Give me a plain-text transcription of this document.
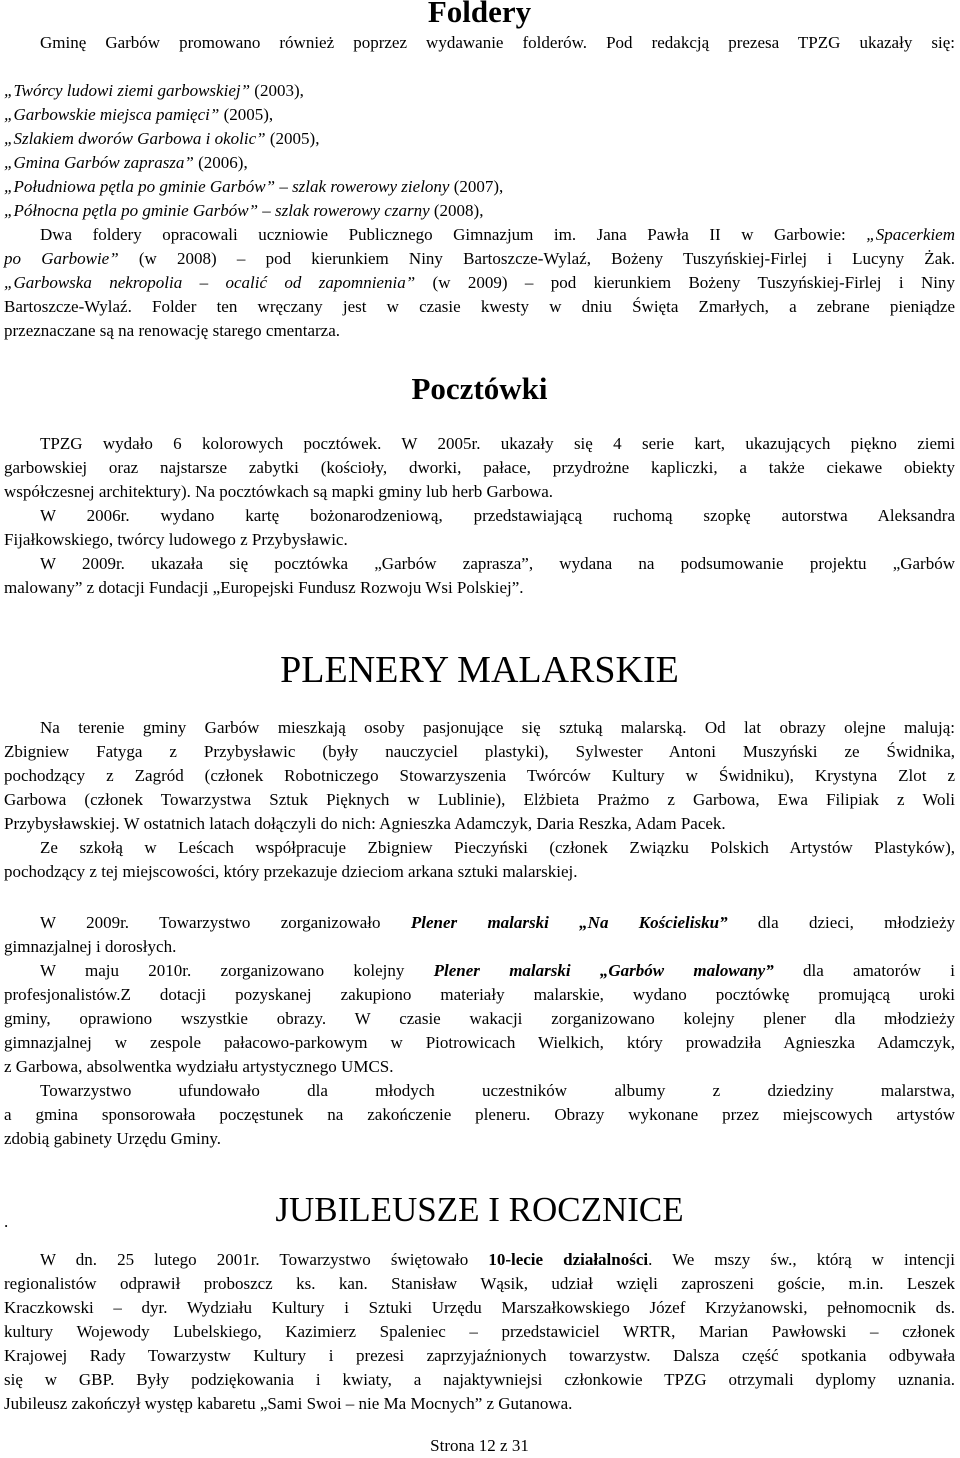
Foldery
Gminę Garbów promowano również poprzez wydawanie folderów. Pod redakcją prezesa TPZG ukazały się:
„Twórcy ludowi ziemi garbowskiej” (2003),
„Garbowskie miejsca pamięci” (2005),
„Szlakiem dworów Garbowa i okolic” (2005),
„Gmina Garbów zaprasza” (2006),
„Południowa pętla po gminie Garbów” – szlak rowerowy zielony (2007),
„Północna pętla po gminie Garbów” – szlak rowerowy czarny (2008),
Dwa foldery opracowali uczniowie Publicznego Gimnazjum im. Jana Pawła II w Garbowie: „Spacerkiem
po Garbowie” (w 2008) – pod kierunkiem Niny Bartoszcze-Wylaź, Bożeny Tuszyńskiej-Firlej i Lucyny Żak.
„Garbowska nekropolia – ocalić od zapomnienia” (w 2009) – pod kierunkiem Bożeny Tuszyńskiej-Firlej i Niny
Bartoszcze-Wylaź. Folder ten wręczany jest w czasie kwesty w dniu Święta Zmarłych, a zebrane pieniądze
przeznaczane są na renowację starego cmentarza.
Pocztówki
TPZG wydało 6 kolorowych pocztówek. W 2005r. ukazały się 4 serie kart, ukazujących piękno ziemi
garbowskiej oraz najstarsze zabytki (kościoły, dworki, pałace, przydrożne kapliczki, a także ciekawe obiekty
współczesnej architektury). Na pocztówkach są mapki gminy lub herb Garbowa.
W 2006r. wydano kartę bożonarodzeniową, przedstawiającą ruchomą szopkę autorstwa Aleksandra
Fijałkowskiego, twórcy ludowego z Przybysławic.
W 2009r. ukazała się pocztówka „Garbów zaprasza”, wydana na podsumowanie projektu „Garbów
malowany” z dotacji Fundacji „Europejski Fundusz Rozwoju Wsi Polskiej”.
PLENERY MALARSKIE
Na terenie gminy Garbów mieszkają osoby pasjonujące się sztuką malarską. Od lat obrazy olejne malują:
Zbigniew Fatyga z Przybysławic (były nauczyciel plastyki), Sylwester Antoni Muszyński ze Świdnika,
pochodzący z Zagród (członek Robotniczego Stowarzyszenia Twórców Kultury w Świdniku), Krystyna Zlot z
Garbowa (członek Towarzystwa Sztuk Pięknych w Lublinie), Elżbieta Prażmo z Garbowa, Ewa Filipiak z Woli
Przybysławskiej. W ostatnich latach dołączyli do nich: Agnieszka Adamczyk, Daria Reszka, Adam Pacek.
Ze szkołą w Leścach współpracuje Zbigniew Pieczyński (członek Związku Polskich Artystów Plastyków),
pochodzący z tej miejscowości, który przekazuje dzieciom arkana sztuki malarskiej.
W 2009r. Towarzystwo zorganizowało Plener malarski „Na Kościelisku” dla dzieci, młodzieży
gimnazjalnej i dorosłych.
W maju 2010r. zorganizowano kolejny Plener malarski „Garbów malowany” dla amatorów i
profesjonalistów.Z dotacji pozyskanej zakupiono materiały malarskie, wydano pocztówkę promującą uroki
gminy, oprawiono wszystkie obrazy. W czasie wakacji zorganizowano kolejny plener dla młodzieży
gimnazjalnej w zespole pałacowo-parkowym w Piotrowicach Wielkich, który prowadziła Agnieszka Adamczyk,
z Garbowa, absolwentka wydziału artystycznego UMCS.
Towarzystwo ufundowało dla młodych uczestników albumy z dziedziny malarstwa,
a gmina sponsorowała poczęstunek na zakończenie pleneru. Obrazy wykonane przez miejscowych artystów
zdobią gabinety Urzędu Gminy.
JUBILEUSZE I ROCZNICE
.
W dn. 25 lutego 2001r. Towarzystwo świętowało 10-lecie działalności. We mszy św., którą w intencji
regionalistów odprawił proboszcz ks. kan. Stanisław Wąsik, udział wzięli zaproszeni goście, m.in. Leszek
Kraczkowski – dyr. Wydziału Kultury i Sztuki Urzędu Marszałkowskiego Józef Krzyżanowski, pełnomocnik ds.
kultury Wojewody Lubelskiego, Kazimierz Spaleniec – przedstawiciel WRTR, Marian Pawłowski – członek
Krajowej Rady Towarzystw Kultury i prezesi zaprzyjaźnionych towarzystw. Dalsza część spotkania odbywała
się w GBP. Były podziękowania i kwiaty, a najaktywniejsi członkowie TPZG otrzymali dyplomy uznania.
Jubileusz zakończył występ kabaretu „Sami Swoi – nie Ma Mocnych” z Gutanowa.
Strona 12 z 31
